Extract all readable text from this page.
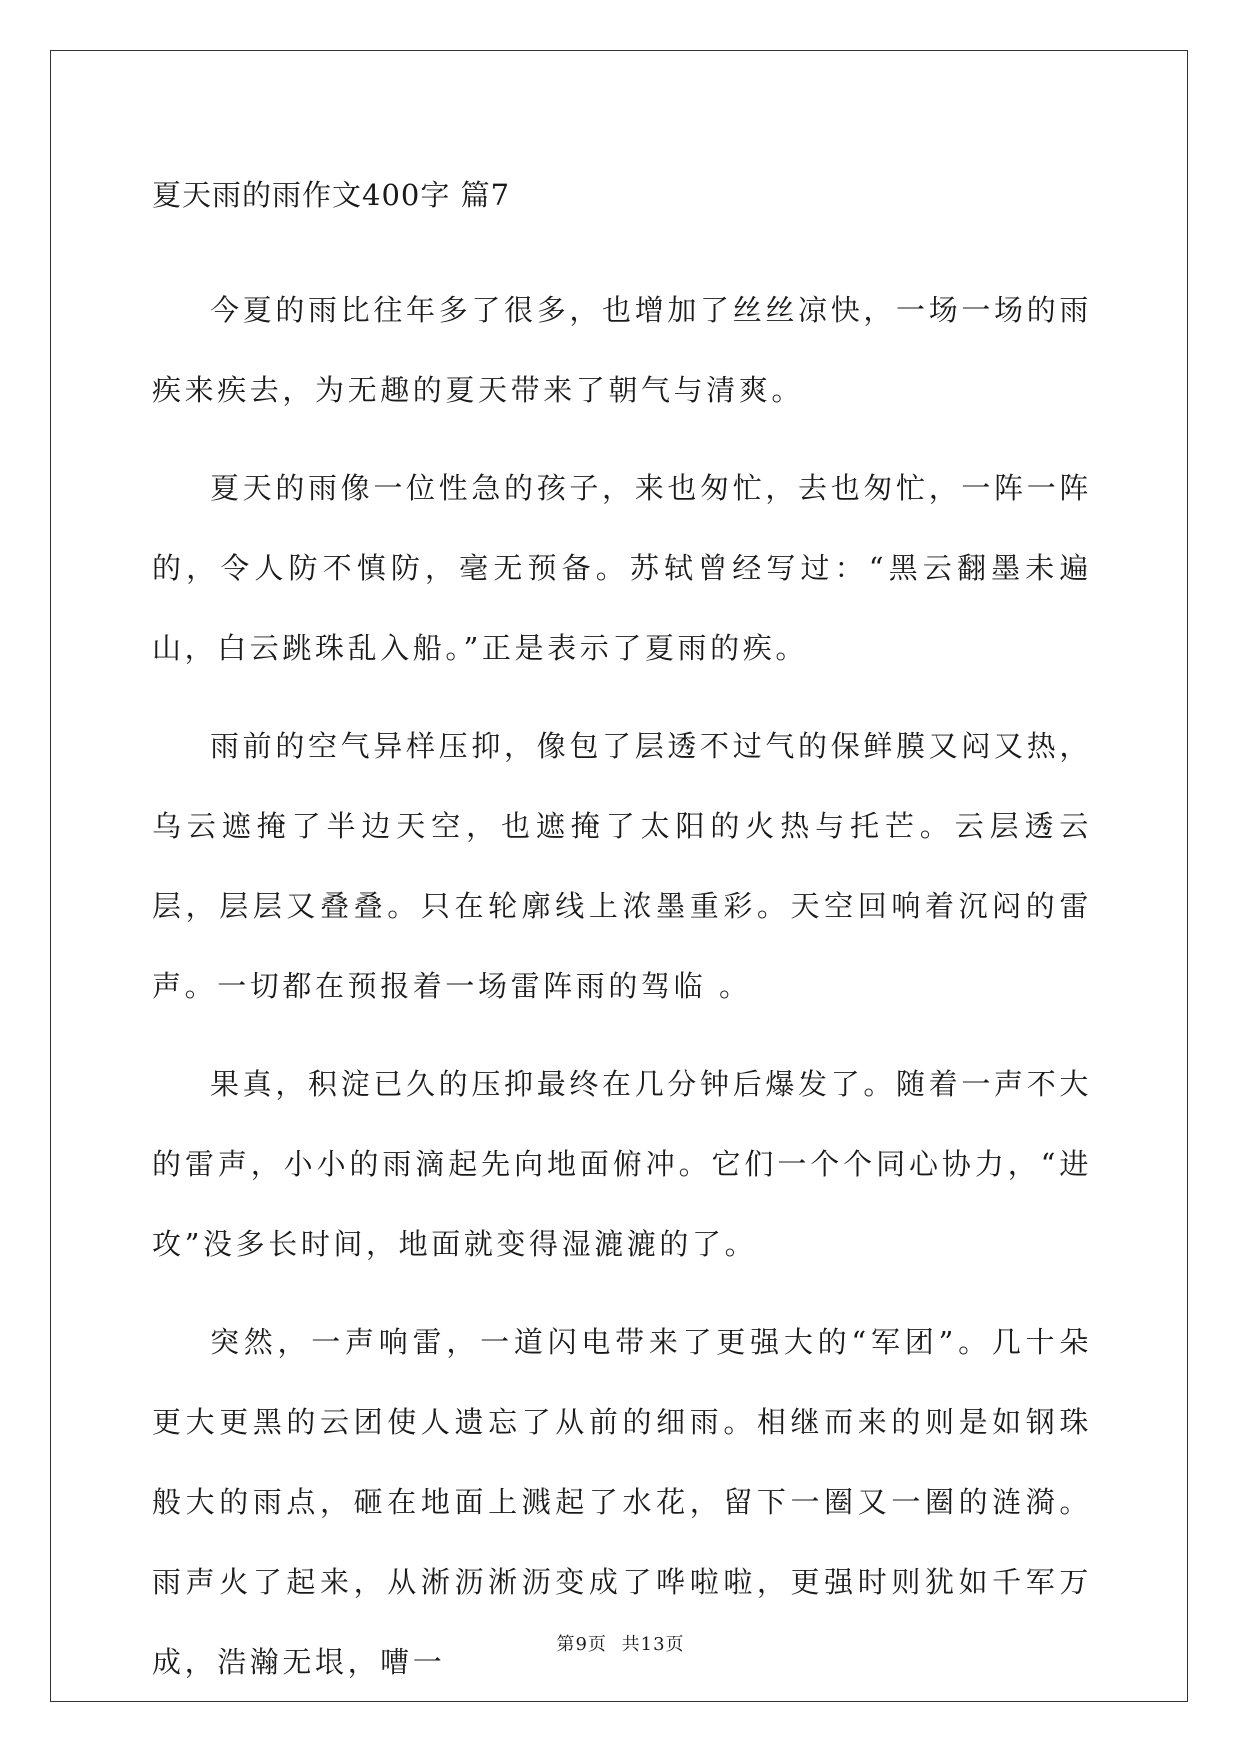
夏天雨的雨作文400字 篇7

今夏的雨比往年多了很多，也增加了丝丝凉快，一场一场的雨疾来疾去，为无趣的夏天带来了朝气与清爽。

夏天的雨像一位性急的孩子，来也匆忙，去也匆忙，一阵一阵的，令人防不慎防，毫无预备。苏轼曾经写过：“黑云翻墨未遍山，白云跳珠乱入船。”正是表示了夏雨的疾。

雨前的空气异样压抑，像包了层透不过气的保鲜膜又闷又热，乌云遮掩了半边天空，也遮掩了太阳的火热与托芒。云层透云层，层层又叠叠。只在轮廓线上浓墨重彩。天空回响着沉闷的雷声。一切都在预报着一场雷阵雨的驾临 。

果真，积淀已久的压抑最终在几分钟后爆发了。随着一声不大的雷声，小小的雨滴起先向地面俯冲。它们一个个同心协力，“进攻”没多长时间，地面就变得湿漉漉的了。

突然，一声响雷，一道闪电带来了更强大的“军团”。几十朵更大更黑的云团使人遗忘了从前的细雨。相继而来的则是如钢珠般大的雨点，砸在地面上溅起了水花，留下一圈又一圈的涟漪。雨声火了起来，从淅沥淅沥变成了哗啦啦，更强时则犹如千军万成，浩瀚无垠，嘈一

第9页 共13页
